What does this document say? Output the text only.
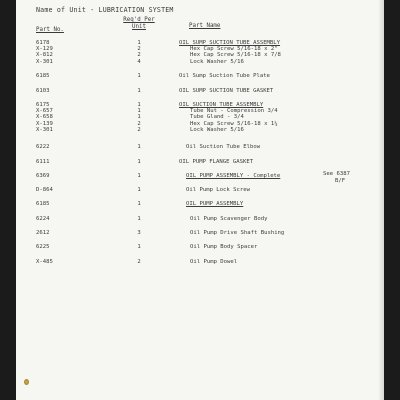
Name of Unit - LUBRICATION SYSTEM
Part No.
Req'd Per
Unit	Part Name
6178	1	OIL SUMP SUCTION TUBE ASSEMBLY
X-129	2	Hex Cap Screw 5/16-18 x 2"
X-812	2	Hex Cap Screw 5/16-18 x 7/8
X-301	4	Lock Washer 5/16
6185	1	Oil Sump Suction Tube Plate
6103	1	OIL SUMP SUCTION TUBE GASKET
6175	1	OIL SUCTION TUBE ASSEMBLY
X-657	1	Tube Nut - Compression 3/4
X-658	1	Tube Gland - 3/4
X-139	2	Hex Cap Screw 5/16-18 x 1¼
X-301	2	Lock Washer 5/16
6222	1	Oil Suction Tube Elbow
6111	1	OIL PUMP FLANGE GASKET
6369	1	OIL PUMP ASSEMBLY - Complete
D-864	1	Oil Pump Lock Screw
6185	1	OIL PUMP ASSEMBLY
6224	1	Oil Pump Scavenger Body
2612	3	Oil Pump Drive Shaft Bushing
6225	1	Oil Pump Body Spacer
X-485	2	Oil Pump Dowel
See 6387
B/F
